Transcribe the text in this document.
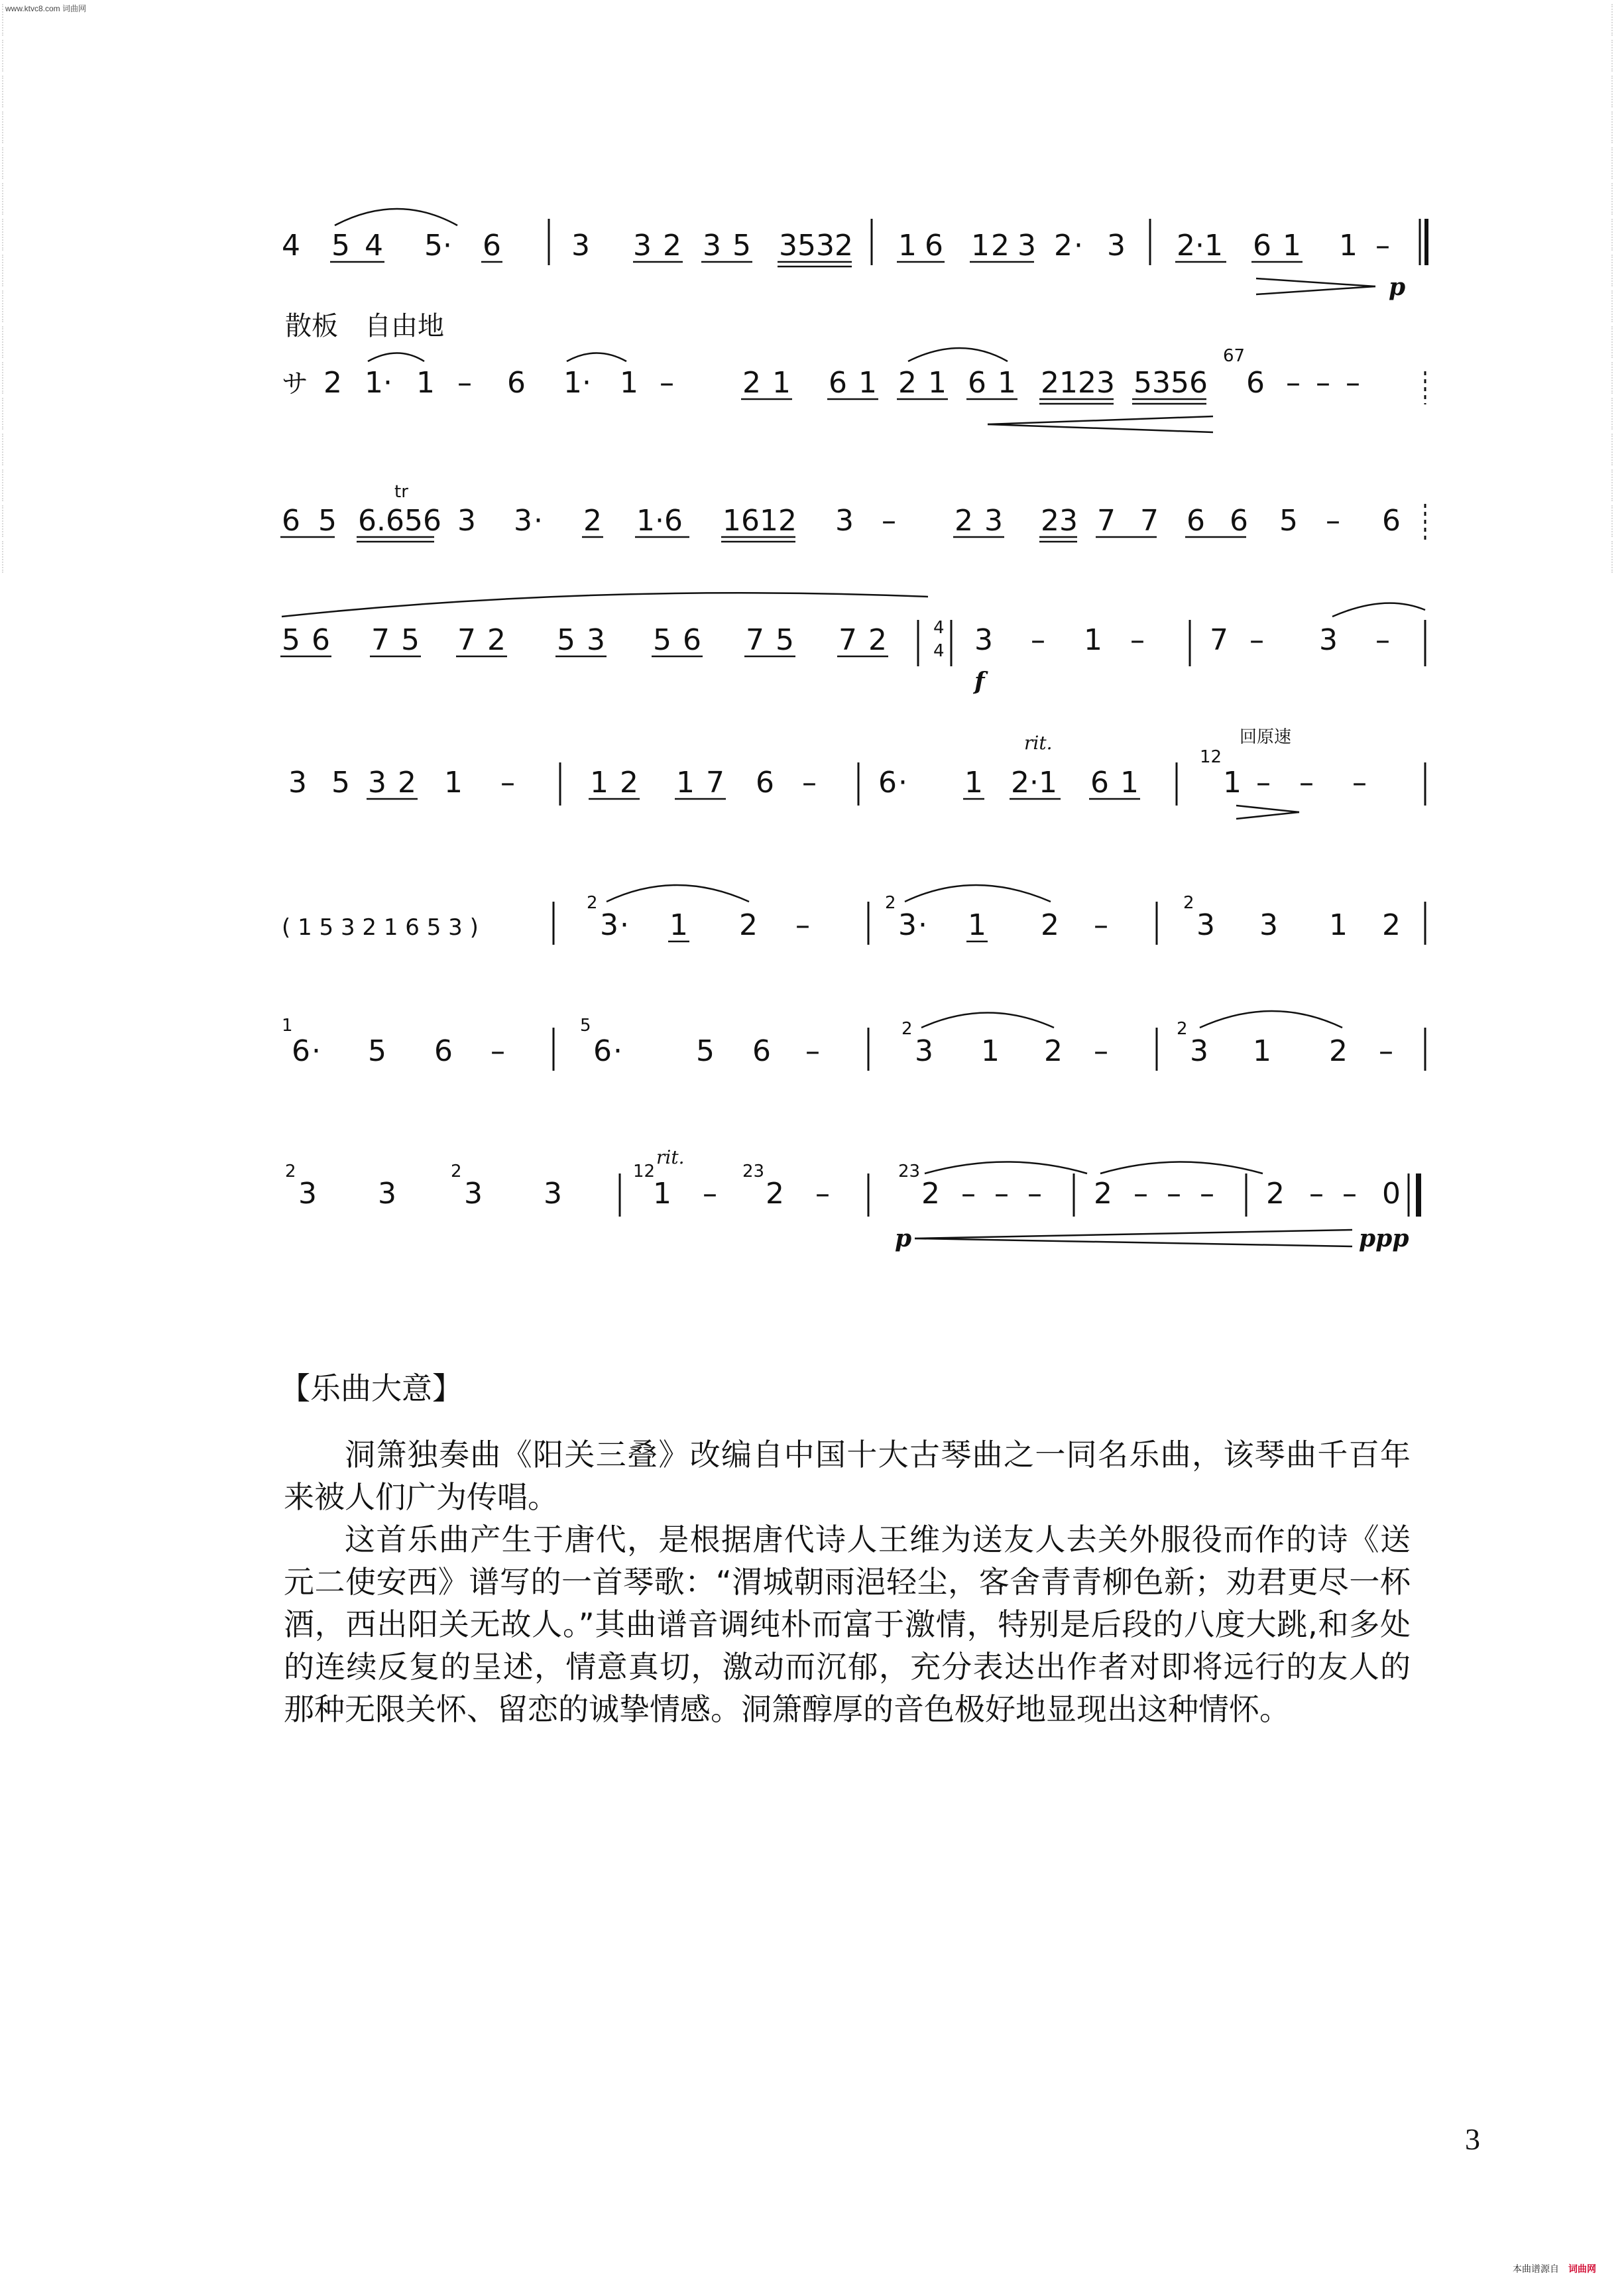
www.ktvc8.com 词曲网
4 5 4 5 · 6 3 3 2 3 5 3532 1 6 1 2 3 2 · 3 2·1 6 1 1 –
p
散板　自由地
サ 2 1 · 1 – 6 1 · 1 – 2 1 6 1 2 1 6 1 2123 5356
67
6 – – –
6 5
tr
6.656 3 3 · 2 1·6 1612 3 – 2 3 23 7 7 6 6 5 – 6
5 6 7 5 7 2 5 3 5 6 7 5 7 2	4
4 3
f
– 1 – 7 – 3 –
3 5 3 2 1 –	1 2 1 7 6 – 6 · 1
rit.
2·1 6 1
回原速
12
1 – – –
( 1 5 3 2 1 6 5 3 )
2
3 · 1 2 –
2
3 · 1 2 –
2
3 3 1 2
1
6 · 5 6 –
5
6 ·	5 6 –
2
3 1 2 –
2
3 1 2 –
2
3 3
2
3 3
rit.
12
1 –
23
2 –
23
2 – – – 2 – – – 2 – – 0
p	ppp
【乐曲大意】
洞箫独奏曲《阳关三叠》改编自中国十大古琴曲之一同名乐曲，该琴曲千百年来被人们广为传唱。
这首乐曲产生于唐代，是根据唐代诗人王维为送友人去关外服役而作的诗《送元二使安西》谱写的一首琴歌：“渭城朝雨浥轻尘，客舍青青柳色新；劝君更尽一杯酒，西出阳关无故人。”其曲谱音调纯朴而富于激情，特别是后段的八度大跳,和多处的连续反复的呈述，情意真切，激动而沉郁，充分表达出作者对即将远行的友人的那种无限关怀、留恋的诚挚情感。洞箫醇厚的音色极好地显现出这种情怀。
3
本曲谱源自 词曲网
